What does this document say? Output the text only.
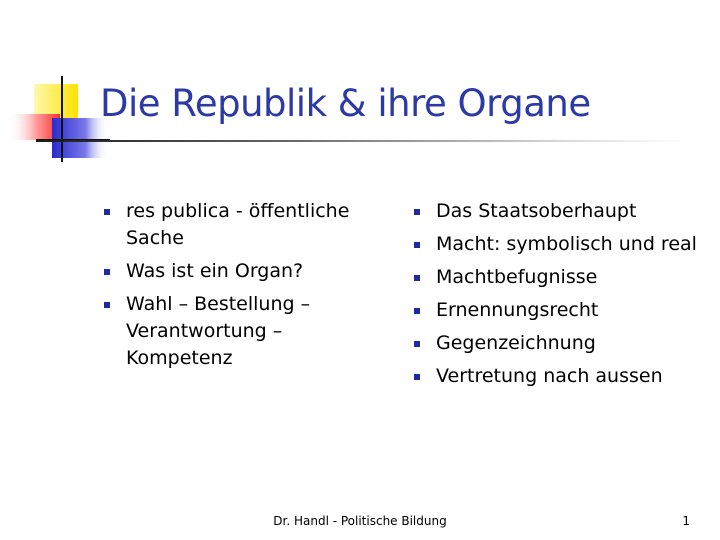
Die Republik & ihre Organe
res publica - öffentliche Sache
Was ist ein Organ?
Wahl – Bestellung – Verantwortung – Kompetenz
Das Staatsoberhaupt
Macht: symbolisch und real
Machtbefugnisse
Ernennungsrecht
Gegenzeichnung
Vertretung nach aussen
Dr. Handl - Politische Bildung	1
